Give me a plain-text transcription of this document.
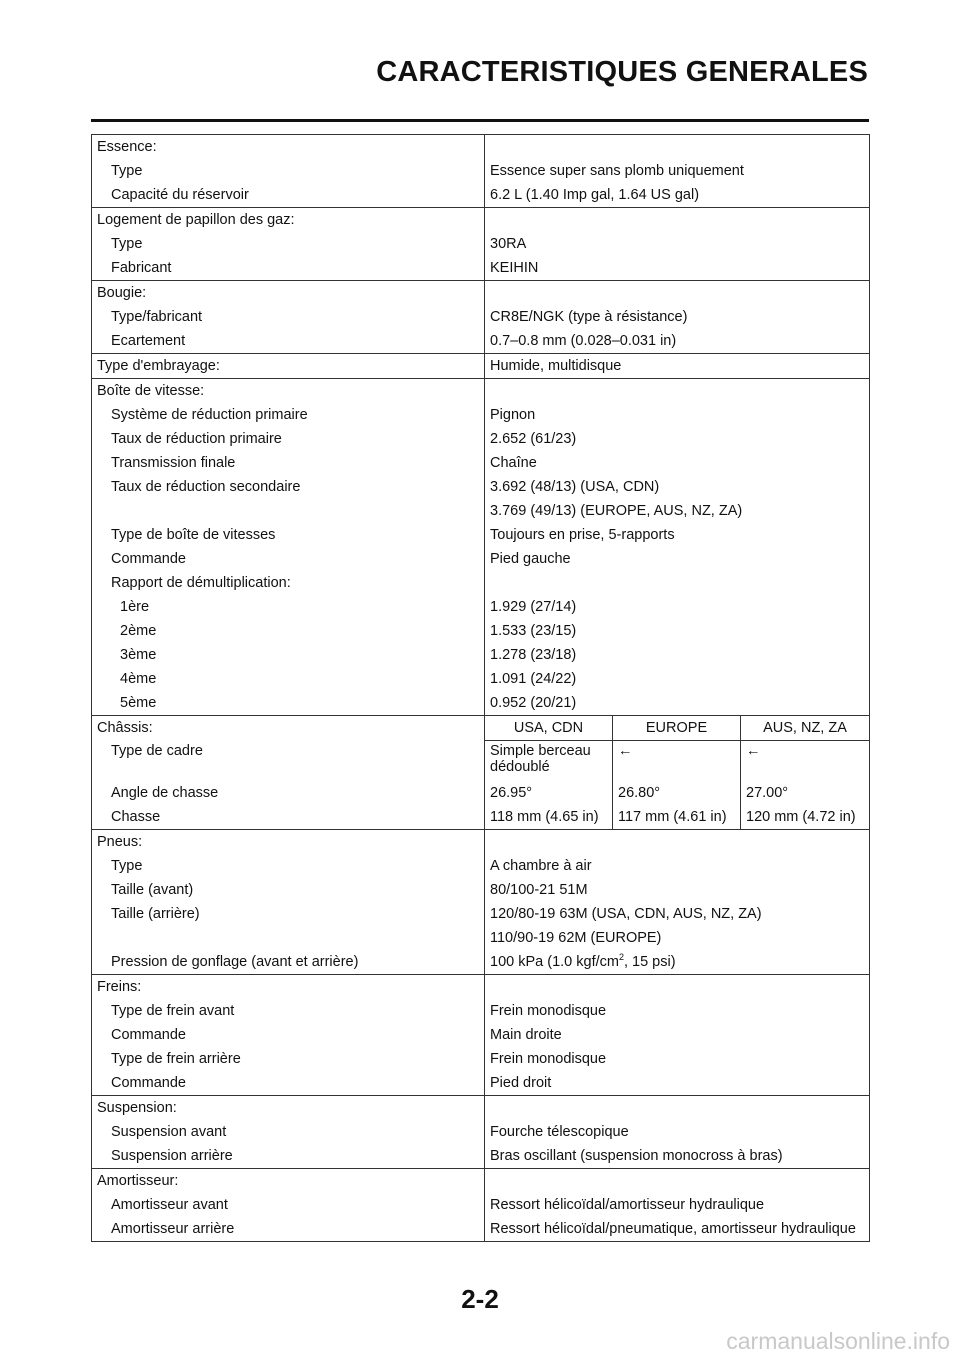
CARACTERISTIQUES GENERALES
Essence:			
Type	Essence super sans plomb uniquement		
Capacité du réservoir	6.2 L (1.40 Imp gal, 1.64 US gal)		
Logement de papillon des gaz:			
Type	30RA		
Fabricant	KEIHIN		
Bougie:			
Type/fabricant	CR8E/NGK (type à résistance)		
Ecartement	0.7–0.8 mm (0.028–0.031 in)		
Type d'embrayage:	Humide, multidisque		
Boîte de vitesse:			
Système de réduction primaire	Pignon		
Taux de réduction primaire	2.652 (61/23)		
Transmission finale	Chaîne		
Taux de réduction secondaire	3.692 (48/13) (USA, CDN)		
	3.769 (49/13) (EUROPE, AUS, NZ, ZA)		
Type de boîte de vitesses	Toujours en prise, 5-rapports		
Commande	Pied gauche		
Rapport de démultiplication:			
1ère	1.929 (27/14)		
2ème	1.533 (23/15)		
3ème	1.278 (23/18)		
4ème	1.091 (24/22)		
5ème	0.952 (20/21)		
Châssis:	USA, CDN	EUROPE	AUS, NZ, ZA
Type de cadre	Simple berceau dédoublé	←	←
Angle de chasse	26.95°	26.80°	27.00°
Chasse	118 mm (4.65 in)	117 mm (4.61 in)	120 mm (4.72 in)
Pneus:			
Type	A chambre à air		
Taille (avant)	80/100-21 51M		
Taille (arrière)	120/80-19 63M (USA, CDN, AUS, NZ, ZA)		
	110/90-19 62M (EUROPE)		
Pression de gonflage (avant et arrière)	100 kPa (1.0 kgf/$cm^2$, 15 psi)		
Freins:			
Type de frein avant	Frein monodisque		
Commande	Main droite		
Type de frein arrière	Frein monodisque		
Commande	Pied droit		
Suspension:			
Suspension avant	Fourche télescopique		
Suspension arrière	Bras oscillant (suspension monocross à bras)		
Amortisseur:			
Amortisseur avant	Ressort hélicoïdal/amortisseur hydraulique		
Amortisseur arrière	Ressort hélicoïdal/pneumatique, amortisseur hydraulique		
2-2
carmanualsonline.info
